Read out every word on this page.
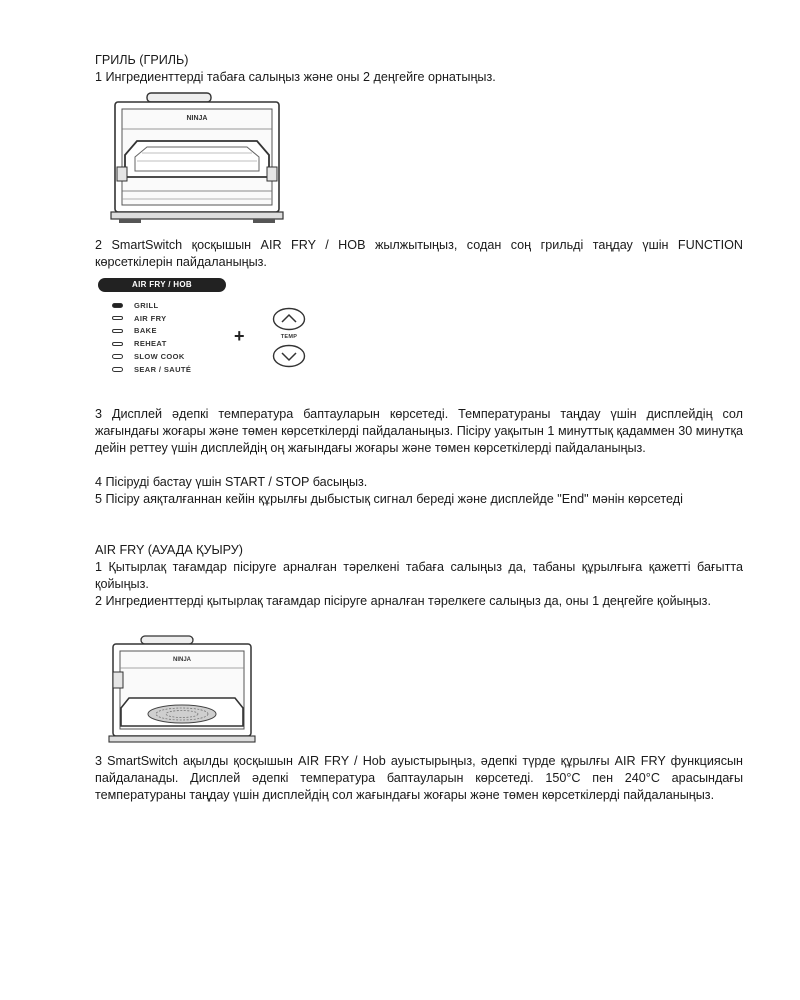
ГРИЛЬ (ГРИЛЬ)

1 Ингредиенттерді табаға салыңыз және оны 2 деңгейге орнатыңыз.

NINJA

2 SmartSwitch қосқышын AIR FRY / HOB жылжытыңыз, содан соң грильді таңдау үшін FUNCTION көрсеткілерін пайдаланыңыз.

AIR FRY / HOB
GRILL
AIR FRY
BAKE
REHEAT
SLOW COOK
SEAR / SAUTÉ
+	TEMP

3 Дисплей әдепкі температура баптауларын көрсетеді. Температураны таңдау үшін дисплейдің сол жағындағы жоғары және төмен көрсеткілерді пайдаланыңыз. Пісіру уақытын 1 минуттық қадаммен 30 минутқа дейін реттеу үшін дисплейдің оң жағындағы жоғары және төмен көрсеткілерді пайдаланыңыз.

4 Пісіруді бастау үшін START / STOP басыңыз.

5 Пісіру аяқталғаннан кейін құрылғы дыбыстық сигнал береді және дисплейде "End" мәнін көрсетеді

AIR FRY (АУАДА ҚУЫРУ)

1 Қытырлақ тағамдар пісіруге арналған тәрелкені табаға салыңыз да, табаны құрылғыға қажетті бағытта қойыңыз.

2 Ингредиенттерді қытырлақ тағамдар пісіруге арналған тәрелкеге салыңыз да, оны 1 деңгейге қойыңыз.

NINJA

3 SmartSwitch ақылды қосқышын AIR FRY / Hob ауыстырыңыз, әдепкі түрде құрылғы AIR FRY функциясын пайдаланады. Дисплей әдепкі температура баптауларын көрсетеді. 150°C пен 240°C арасындағы температураны таңдау үшін дисплейдің сол жағындағы жоғары және төмен көрсеткілерді пайдаланыңыз.
